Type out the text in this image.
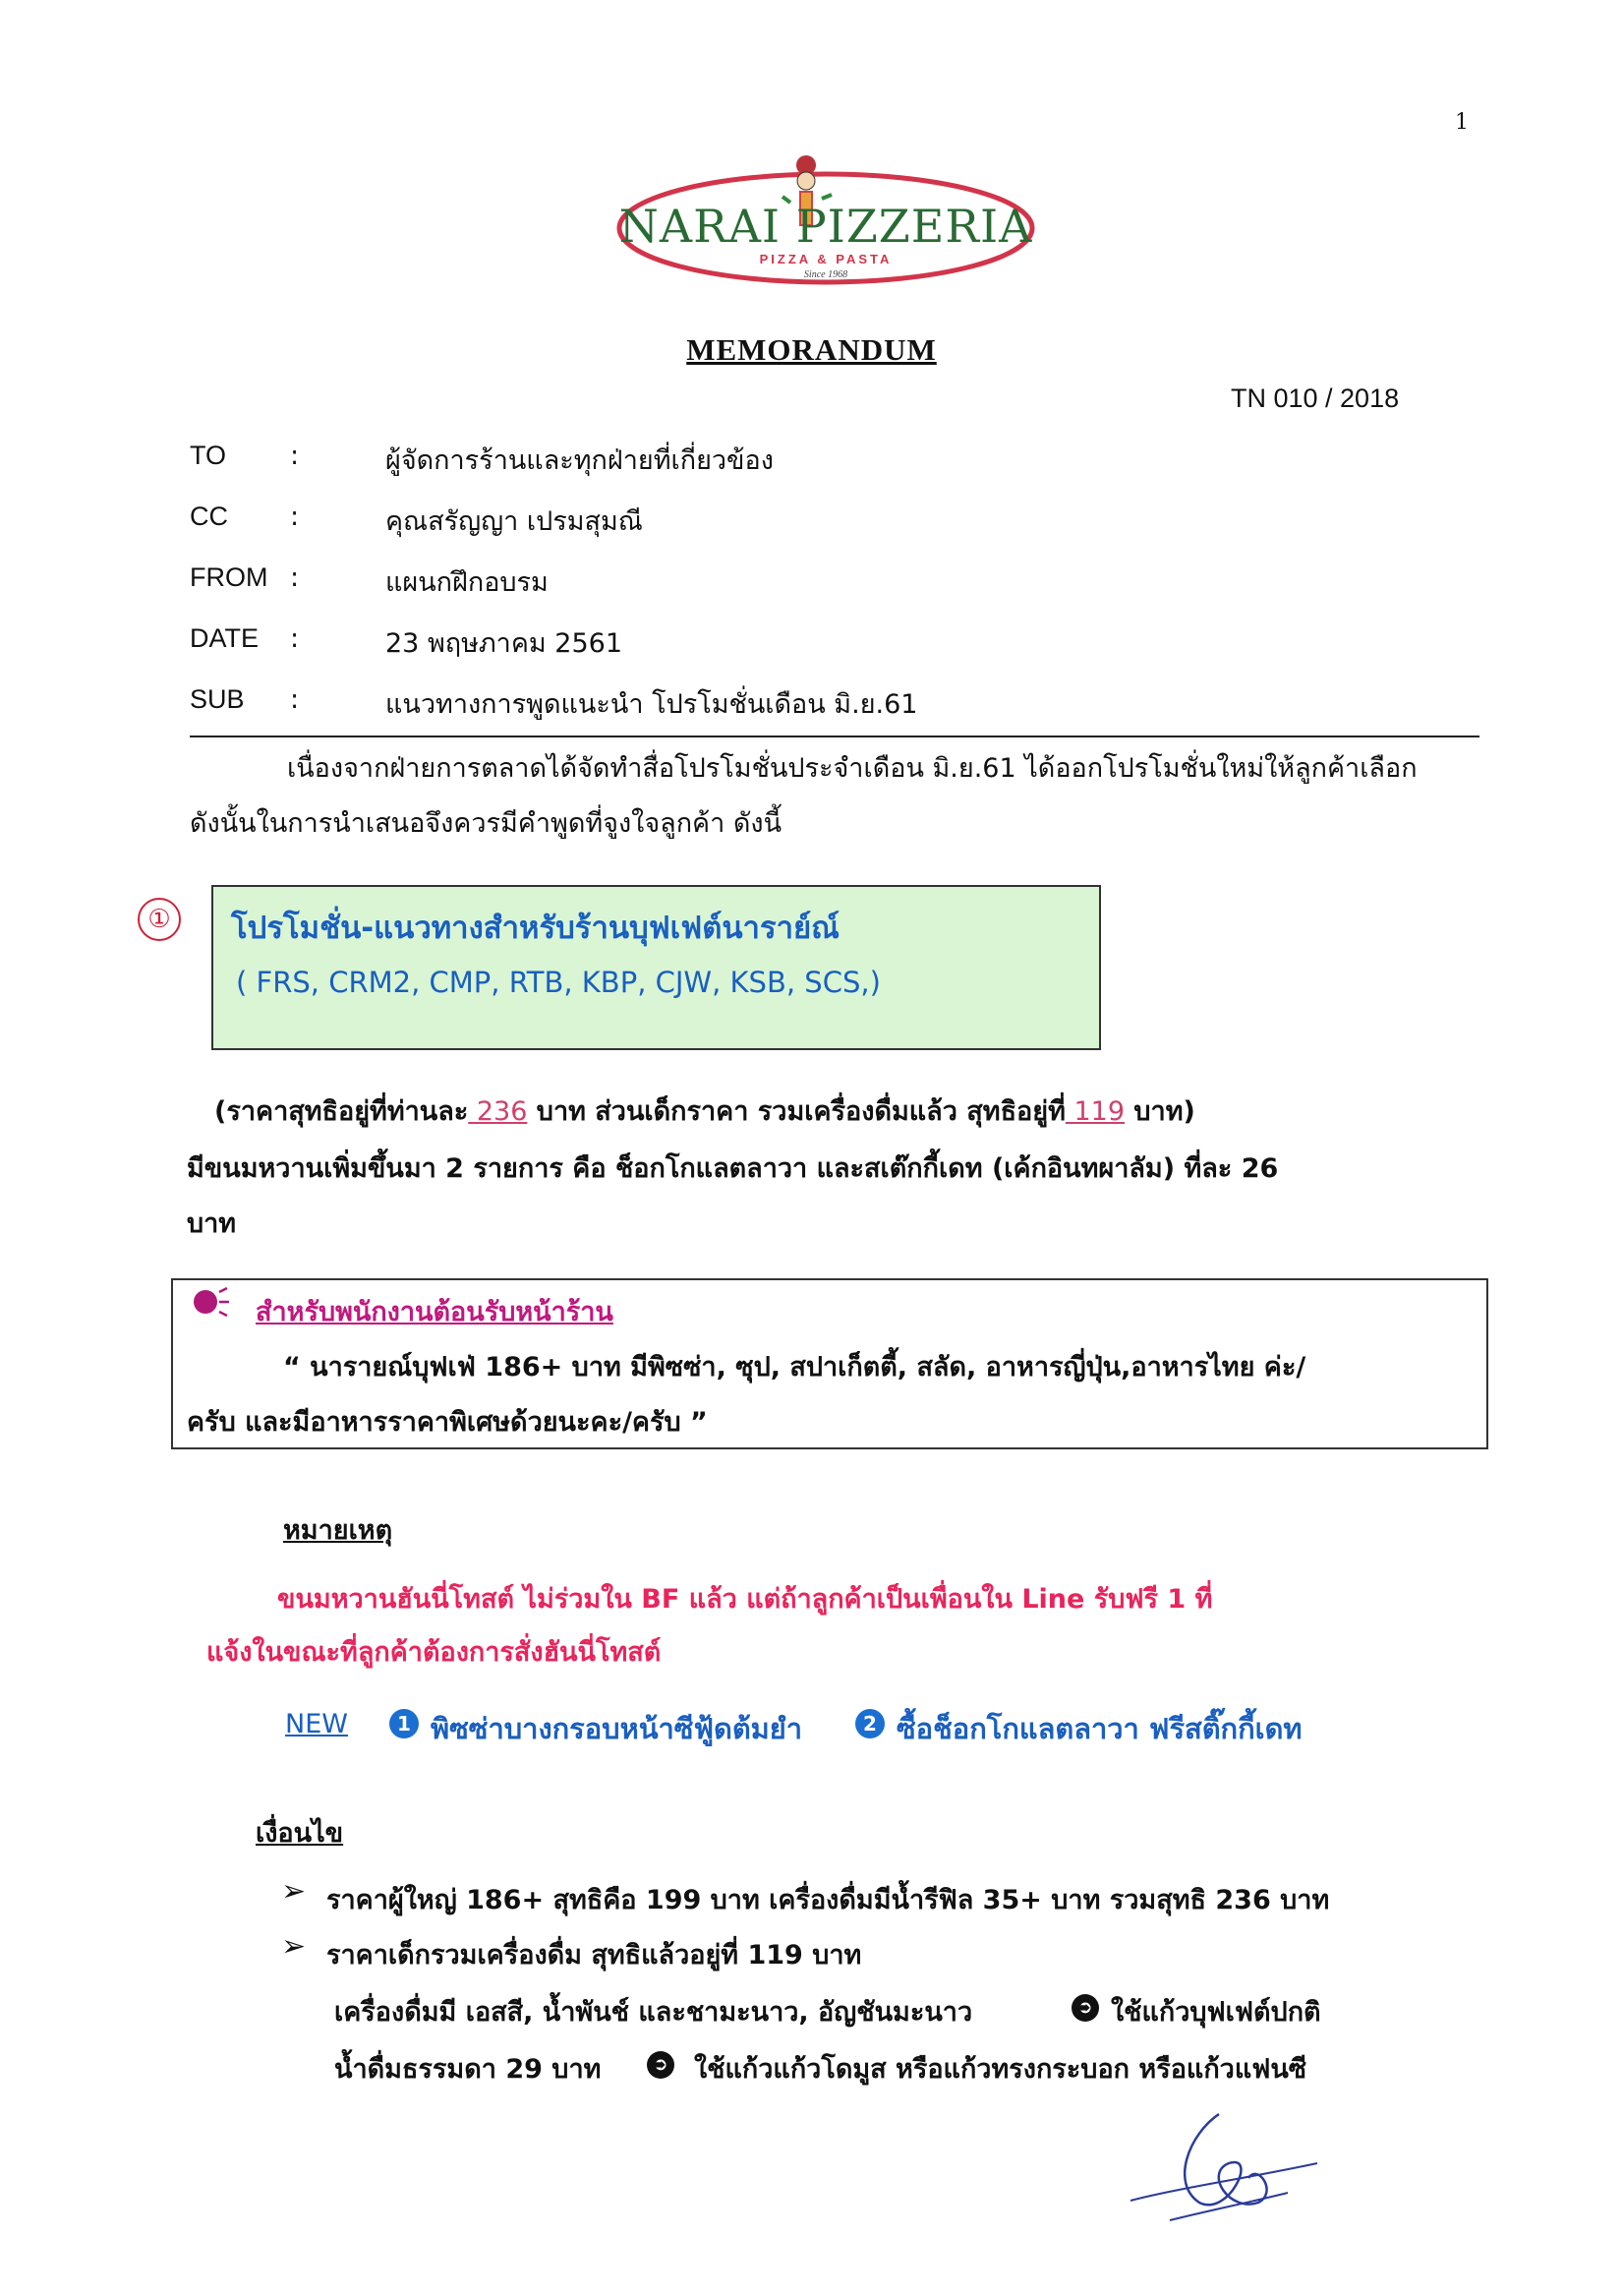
1
NARAI PIZZERIA
PIZZA & PASTA
Since 1968
MEMORANDUM
TN 010 / 2018
TO :	ผู้จัดการร้านและทุกฝ่ายที่เกี่ยวข้อง
CC :	คุณสรัญญา เปรมสุมณี
FROM :	แผนกฝึกอบรม
DATE :	23 พฤษภาคม 2561
SUB :	แนวทางการพูดแนะนำ โปรโมชั่นเดือน มิ.ย.61
เนื่องจากฝ่ายการตลาดได้จัดทำสื่อโปรโมชั่นประจำเดือน มิ.ย.61 ได้ออกโปรโมชั่นใหม่ให้ลูกค้าเลือก
ดังนั้นในการนำเสนอจึงควรมีคำพูดที่จูงใจลูกค้า ดังนี้
①	โปรโมชั่น-แนวทางสำหรับร้านบุฟเฟต์นาราย์ณ์
( FRS, CRM2, CMP, RTB, KBP, CJW, KSB, SCS,)
(ราคาสุทธิอยู่ที่ท่านละ 236 บาท ส่วนเด็กราคา รวมเครื่องดื่มแล้ว สุทธิอยู่ที่ 119 บาท)
มีขนมหวานเพิ่มขึ้นมา 2 รายการ คือ ช็อกโกแลตลาวา และสเต๊กกี้เดท (เค้กอินทผาลัม) ที่ละ 26
บาท
สำหรับพนักงานต้อนรับหน้าร้าน
“ นารายณ์บุฟเฟ่ 186+ บาท มีพิซซ่า, ซุป, สปาเก็ตตี้, สลัด, อาหารญี่ปุ่น,อาหารไทย ค่ะ/
ครับ และมีอาหารราคาพิเศษด้วยนะคะ/ครับ ”
หมายเหตุ
ขนมหวานฮันนี่โทสต์ ไม่ร่วมใน BF แล้ว แต่ถ้าลูกค้าเป็นเพื่อนใน Line รับฟรี 1 ที่
แจ้งในขณะที่ลูกค้าต้องการสั่งฮันนี่โทสต์
NEW	1 พิซซ่าบางกรอบหน้าซีฟู้ดต้มยำ	2 ซื้อช็อกโกแลตลาวา ฟรีสติ๊กกี้เดท
เงื่อนไข
➢ ราคาผู้ใหญ่ 186+ สุทธิคือ 199 บาท เครื่องดื่มมีน้ำรีฟิล 35+ บาท รวมสุทธิ 236 บาท
➢ ราคาเด็กรวมเครื่องดื่ม สุทธิแล้วอยู่ที่ 119 บาท
เครื่องดื่มมี เอสสี, น้ำพันช์ และชามะนาว, อัญชันมะนาว	➲ ใช้แก้วบุฟเฟต์ปกติ
น้ำดื่มธรรมดา 29 บาท	➲ ใช้แก้วแก้วโดมูส หรือแก้วทรงกระบอก หรือแก้วแฟนซี
